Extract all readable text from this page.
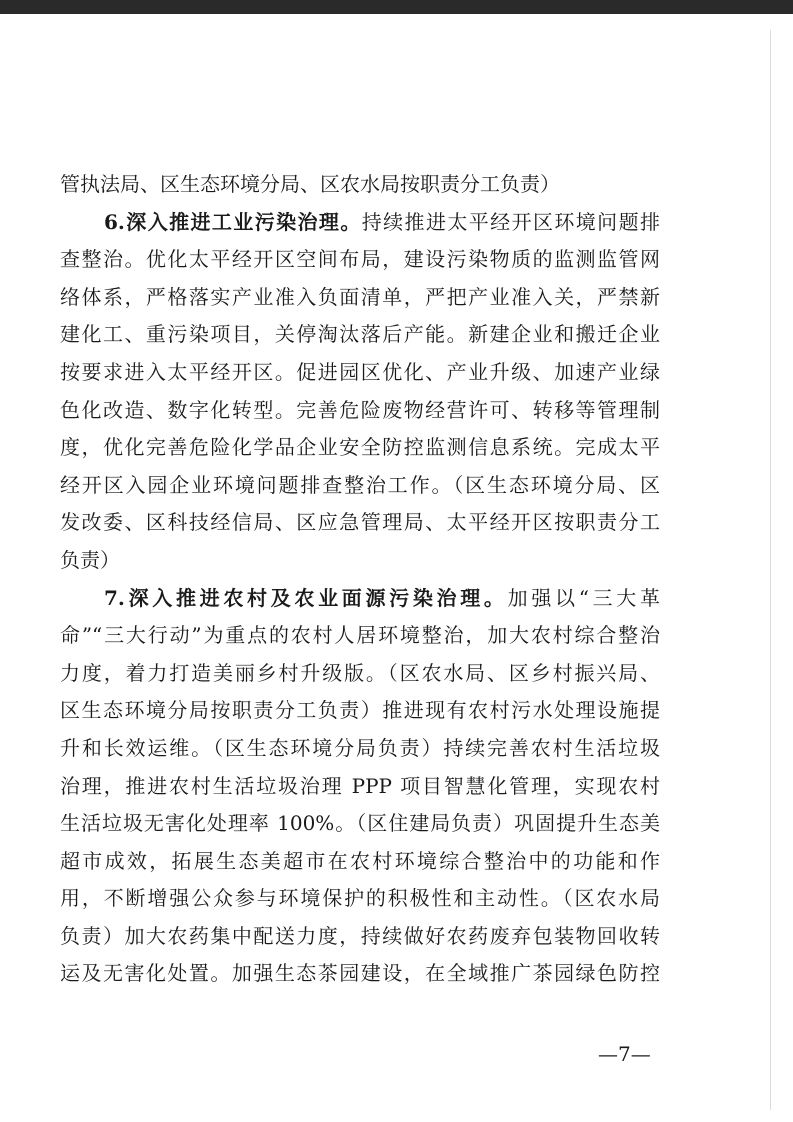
管执法局、区生态环境分局、区农水局按职责分工负责）
6.深入推进工业污染治理。持续推进太平经开区环境问题排
查整治。优化太平经开区空间布局，建设污染物质的监测监管网
络体系，严格落实产业准入负面清单，严把产业准入关，严禁新
建化工、重污染项目，关停淘汰落后产能。新建企业和搬迁企业
按要求进入太平经开区。促进园区优化、产业升级、加速产业绿
色化改造、数字化转型。完善危险废物经营许可、转移等管理制
度，优化完善危险化学品企业安全防控监测信息系统。完成太平
经开区入园企业环境问题排查整治工作。（区生态环境分局、区
发改委、区科技经信局、区应急管理局、太平经开区按职责分工
负责）
7.深入推进农村及农业面源污染治理。加强以“三大革
命”“三大行动”为重点的农村人居环境整治，加大农村综合整治
力度，着力打造美丽乡村升级版。（区农水局、区乡村振兴局、
区生态环境分局按职责分工负责）推进现有农村污水处理设施提
升和长效运维。（区生态环境分局负责）持续完善农村生活垃圾
治理，推进农村生活垃圾治理 PPP 项目智慧化管理，实现农村
生活垃圾无害化处理率 100%。（区住建局负责）巩固提升生态美
超市成效，拓展生态美超市在农村环境综合整治中的功能和作
用，不断增强公众参与环境保护的积极性和主动性。（区农水局
负责）加大农药集中配送力度，持续做好农药废弃包装物回收转
运及无害化处置。加强生态茶园建设，在全域推广茶园绿色防控
—7—
